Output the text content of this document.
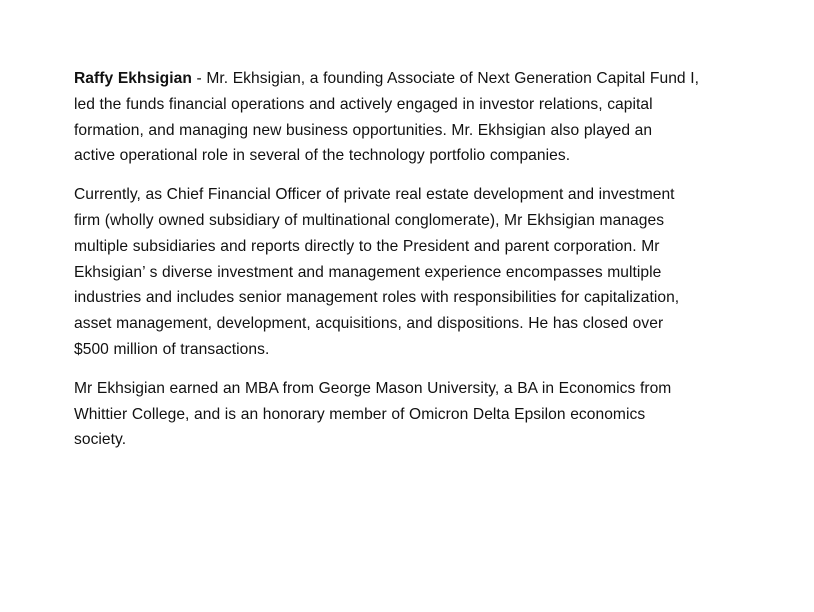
Raffy Ekhsigian - Mr. Ekhsigian, a founding Associate of Next Generation Capital Fund I,
led the funds financial operations and actively engaged in investor relations, capital
formation, and managing new business opportunities. Mr. Ekhsigian also played an
active operational role in several of the technology portfolio companies.

Currently, as Chief Financial Officer of private real estate development and investment
firm (wholly owned subsidiary of multinational conglomerate), Mr Ekhsigian manages
multiple subsidiaries and reports directly to the President and parent corporation. Mr
Ekhsigian’ s diverse investment and management experience encompasses multiple
industries and includes senior management roles with responsibilities for capitalization,
asset management, development, acquisitions, and dispositions. He has closed over
$500 million of transactions.

Mr Ekhsigian earned an MBA from George Mason University, a BA in Economics from
Whittier College, and is an honorary member of Omicron Delta Epsilon economics
society.
